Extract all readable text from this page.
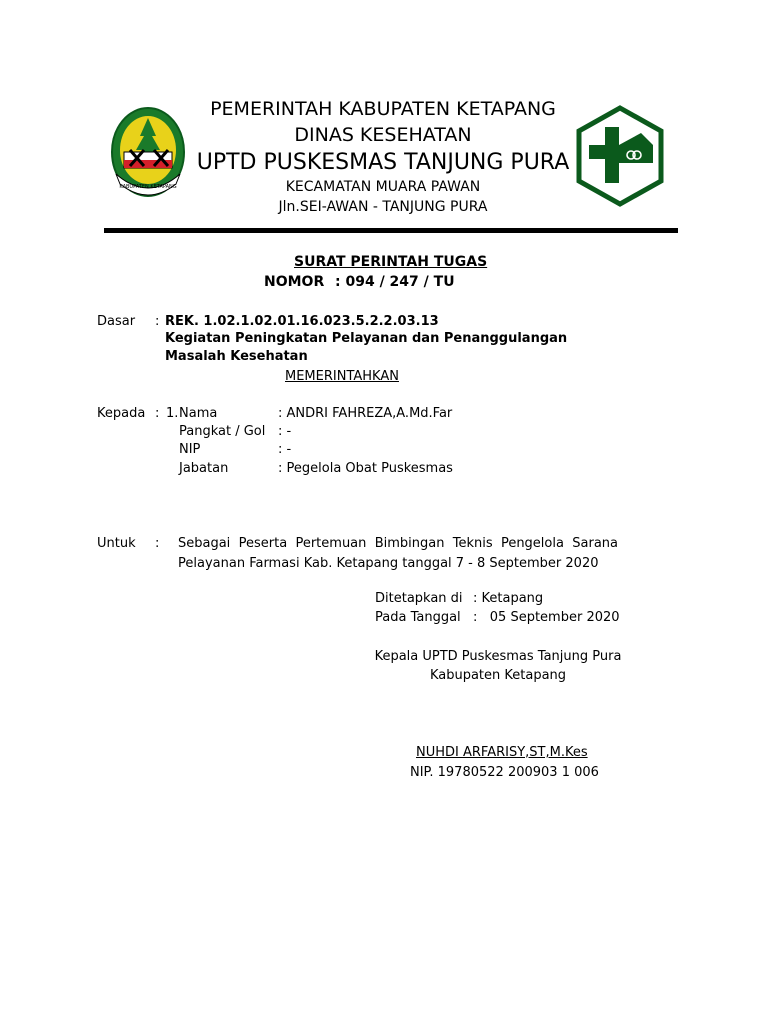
KABUPATEN KETAPANG
PEMERINTAH KABUPATEN KETAPANG
DINAS KESEHATAN
UPTD PUSKESMAS TANJUNG PURA
KECAMATAN MUARA PAWAN
Jln.SEI-AWAN - TANJUNG PURA
SURAT PERINTAH TUGAS
NOMOR : 094 / 247 / TU
Dasar : REK. 1.02.1.02.01.16.023.5.2.2.03.13
Kegiatan Peningkatan Pelayanan dan Penanggulangan
Masalah Kesehatan
MEMERINTAHKAN
Kepada : 1. Nama	: ANDRI FAHREZA,A.Md.Far
Pangkat / Gol : -
NIP	: -
Jabatan	: Pegelola Obat Puskesmas
Untuk : Sebagai Peserta Pertemuan Bimbingan Teknis Pengelola Sarana
Pelayanan Farmasi Kab. Ketapang tanggal 7 - 8 September 2020
Ditetapkan di : Ketapang
Pada Tanggal :   05 September 2020
Kepala UPTD Puskesmas Tanjung Pura
Kabupaten Ketapang
NUHDI ARFARISY,ST,M.Kes
NIP. 19780522 200903 1 006
